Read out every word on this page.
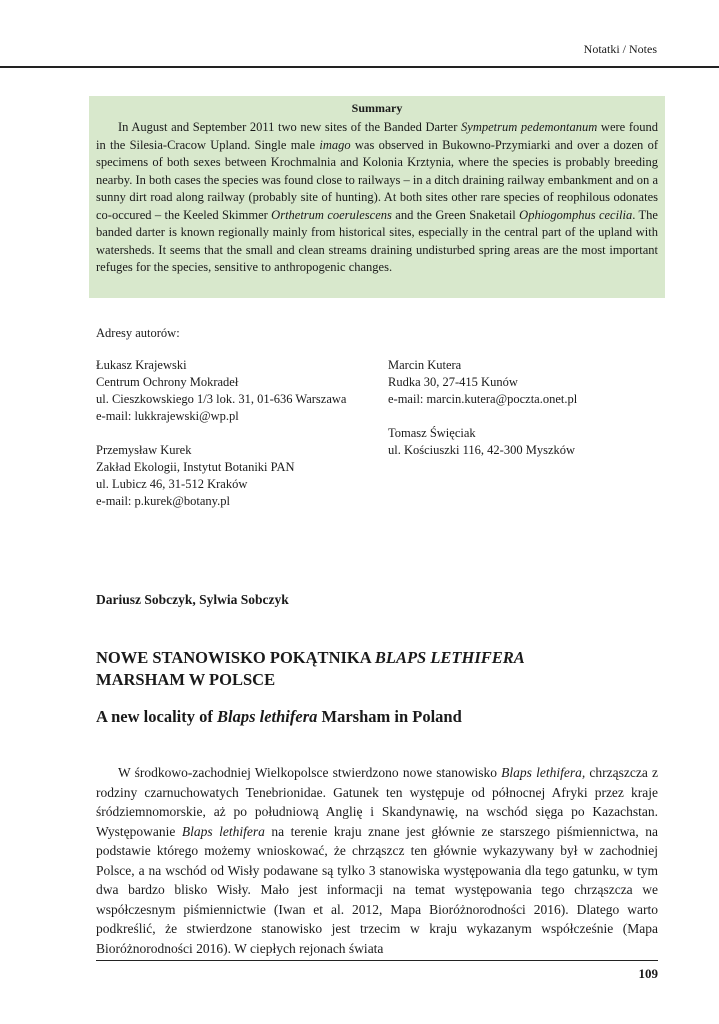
Notatki / Notes

Summary

In August and September 2011 two new sites of the Banded Darter Sympetrum pedemontanum were found in the Silesia-Cracow Upland. Single male imago was observed in Bukowno-Przymiarki and over a dozen of specimens of both sexes between Krochmalnia and Kolonia Krztynia, where the species is probably breeding nearby. In both cases the species was found close to railways – in a ditch draining railway embankment and on a sunny dirt road along railway (probably site of hunting). At both sites other rare species of reophilous odonates co-occured – the Keeled Skimmer Orthetrum coerulescens and the Green Snaketail Ophiogomphus cecilia. The banded darter is known regionally mainly from historical sites, especially in the central part of the upland with watersheds. It seems that the small and clean streams draining undisturbed spring areas are the most important refuges for the species, sensitive to anthropogenic changes.

Adresy autorów:

Łukasz Krajewski
Centrum Ochrony Mokradeł
ul. Cieszkowskiego 1/3 lok. 31, 01-636 Warszawa
e-mail: lukkrajewski@wp.pl

Przemysław Kurek
Zakład Ekologii, Instytut Botaniki PAN
ul. Lubicz 46, 31-512 Kraków
e-mail: p.kurek@botany.pl

Marcin Kutera
Rudka 30, 27-415 Kunów
e-mail: marcin.kutera@poczta.onet.pl

Tomasz Święciak
ul. Kościuszki 116, 42-300 Myszków

Dariusz Sobczyk, Sylwia Sobczyk
NOWE STANOWISKO POKĄTNIKA BLAPS LETHIFERA MARSHAM W POLSCE
A new locality of Blaps lethifera Marsham in Poland

W środkowo-zachodniej Wielkopolsce stwierdzono nowe stanowisko Blaps lethifera, chrząszcza z rodziny czarnuchowatych Tenebrionidae. Gatunek ten występuje od północnej Afryki przez kraje śródziemnomorskie, aż po południową Anglię i Skandynawię, na wschód sięga po Kazachstan. Występowanie Blaps lethifera na terenie kraju znane jest głównie ze starszego piśmiennictwa, na podstawie którego możemy wnioskować, że chrząszcz ten głównie wykazywany był w zachodniej Polsce, a na wschód od Wisły podawane są tylko 3 stanowiska występowania dla tego gatunku, w tym dwa bardzo blisko Wisły. Mało jest informacji na temat występowania tego chrząszcza we współczesnym piśmiennictwie (Iwan et al. 2012, Mapa Bioróżnorodności 2016). Dlatego warto podkreślić, że stwierdzone stanowisko jest trzecim w kraju wykazanym współcześnie (Mapa Bioróżnorodności 2016). W ciepłych rejonach świata

109
